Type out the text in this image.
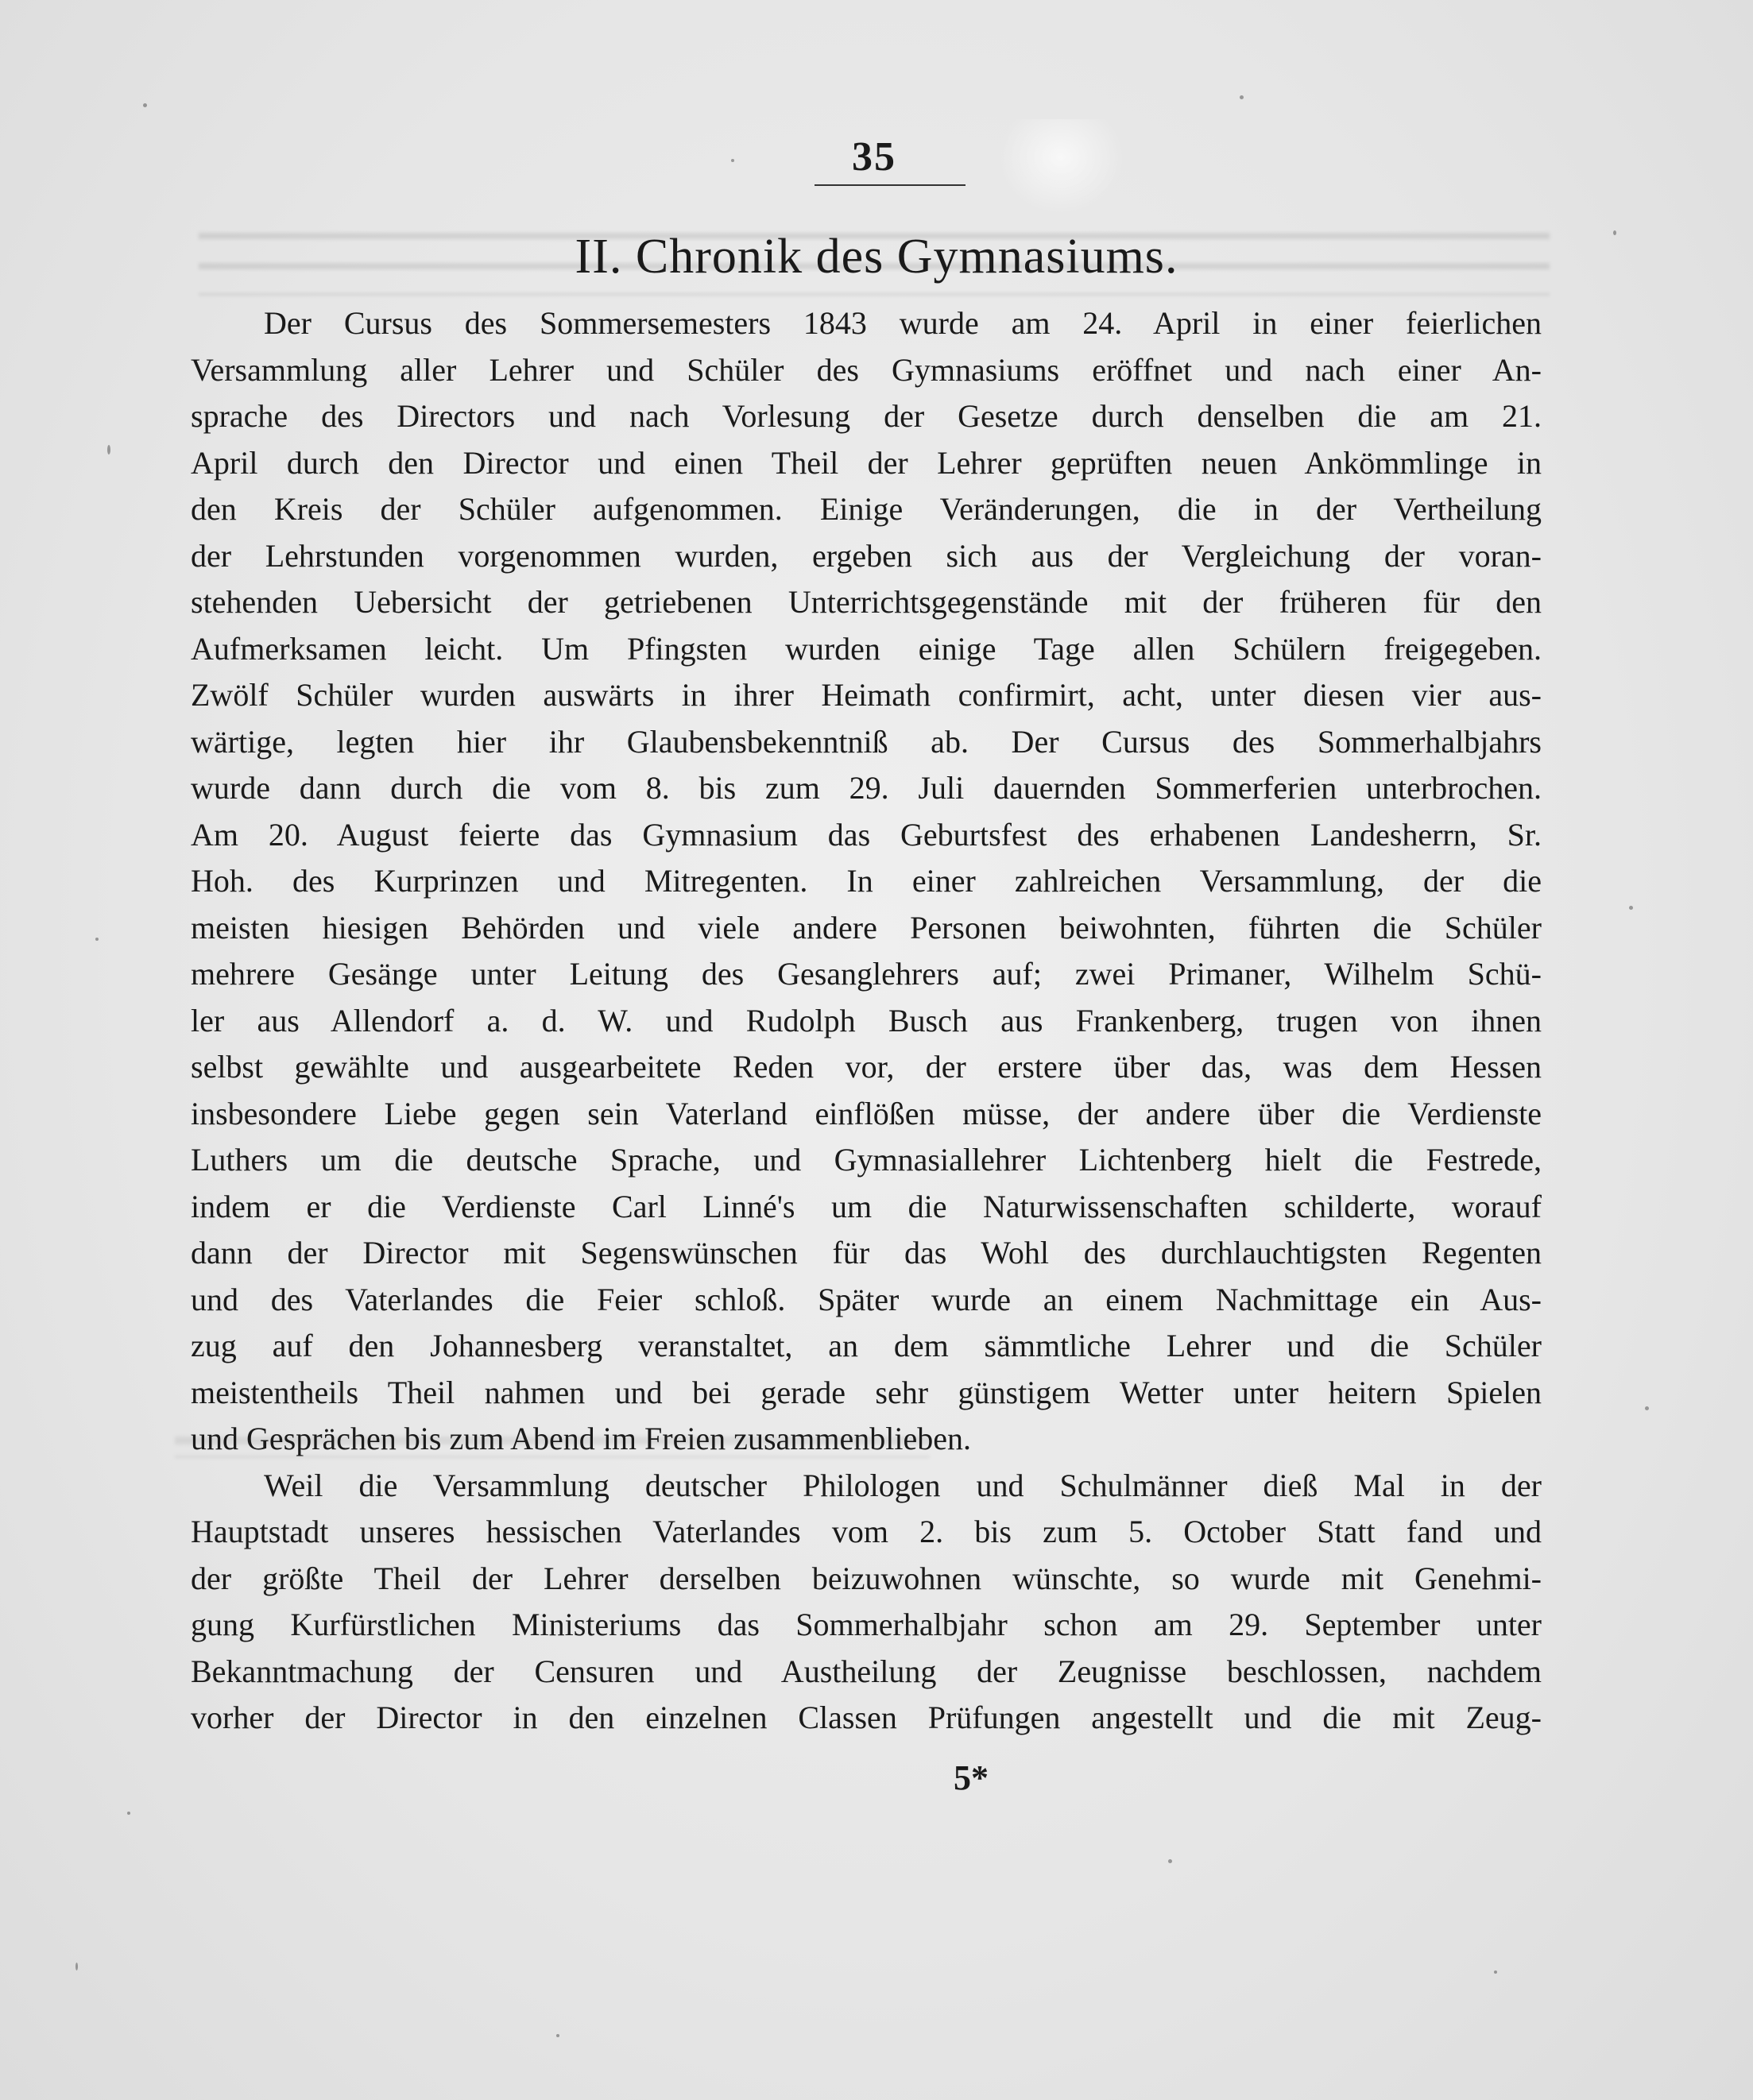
35
II. Chronik des Gymnasiums.
Der Cursus des Sommersemesters 1843 wurde am 24. April in einer feierlichen
Versammlung aller Lehrer und Schüler des Gymnasiums eröffnet und nach einer An-
sprache des Directors und nach Vorlesung der Gesetze durch denselben die am 21.
April durch den Director und einen Theil der Lehrer geprüften neuen Ankömmlinge in
den Kreis der Schüler aufgenommen. Einige Veränderungen, die in der Vertheilung
der Lehrstunden vorgenommen wurden, ergeben sich aus der Vergleichung der voran-
stehenden Uebersicht der getriebenen Unterrichtsgegenstände mit der früheren für den
Aufmerksamen leicht. Um Pfingsten wurden einige Tage allen Schülern freigegeben.
Zwölf Schüler wurden auswärts in ihrer Heimath confirmirt, acht, unter diesen vier aus-
wärtige, legten hier ihr Glaubensbekenntniß ab. Der Cursus des Sommerhalbjahrs
wurde dann durch die vom 8. bis zum 29. Juli dauernden Sommerferien unterbrochen.
Am 20. August feierte das Gymnasium das Geburtsfest des erhabenen Landesherrn, Sr.
Hoh. des Kurprinzen und Mitregenten. In einer zahlreichen Versammlung, der die
meisten hiesigen Behörden und viele andere Personen beiwohnten, führten die Schüler
mehrere Gesänge unter Leitung des Gesanglehrers auf; zwei Primaner, Wilhelm Schü-
ler aus Allendorf a. d. W. und Rudolph Busch aus Frankenberg, trugen von ihnen
selbst gewählte und ausgearbeitete Reden vor, der erstere über das, was dem Hessen
insbesondere Liebe gegen sein Vaterland einflößen müsse, der andere über die Verdienste
Luthers um die deutsche Sprache, und Gymnasiallehrer Lichtenberg hielt die Festrede,
indem er die Verdienste Carl Linné's um die Naturwissenschaften schilderte, worauf
dann der Director mit Segenswünschen für das Wohl des durchlauchtigsten Regenten
und des Vaterlandes die Feier schloß. Später wurde an einem Nachmittage ein Aus-
zug auf den Johannesberg veranstaltet, an dem sämmtliche Lehrer und die Schüler
meistentheils Theil nahmen und bei gerade sehr günstigem Wetter unter heitern Spielen
und Gesprächen bis zum Abend im Freien zusammenblieben.
Weil die Versammlung deutscher Philologen und Schulmänner dieß Mal in der
Hauptstadt unseres hessischen Vaterlandes vom 2. bis zum 5. October Statt fand und
der größte Theil der Lehrer derselben beizuwohnen wünschte, so wurde mit Genehmi-
gung Kurfürstlichen Ministeriums das Sommerhalbjahr schon am 29. September unter
Bekanntmachung der Censuren und Austheilung der Zeugnisse beschlossen, nachdem
vorher der Director in den einzelnen Classen Prüfungen angestellt und die mit Zeug-
5*
